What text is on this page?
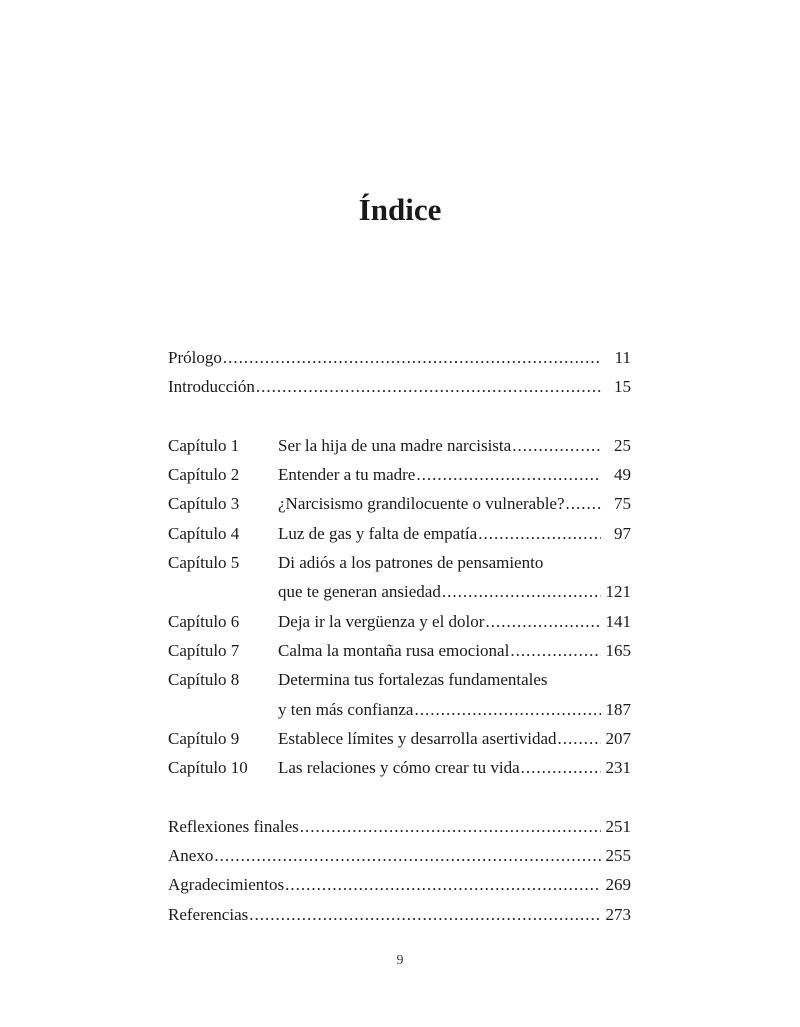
Índice
Prólogo .....	11
Introducción .....	15
Capítulo 1	Ser la hija de una madre narcisista .....	25
Capítulo 2	Entender a tu madre .....	49
Capítulo 3	¿Narcisismo grandilocuente o vulnerable? .....	75
Capítulo 4	Luz de gas y falta de empatía .....	97
Capítulo 5	Di adiós a los patrones de pensamiento
que te generan ansiedad .....	121
Capítulo 6	Deja ir la vergüenza y el dolor .....	141
Capítulo 7	Calma la montaña rusa emocional .....	165
Capítulo 8	Determina tus fortalezas fundamentales
y ten más confianza .....	187
Capítulo 9	Establece límites y desarrolla asertividad .....	207
Capítulo 10	Las relaciones y cómo crear tu vida .....	231
Reflexiones finales .....	251
Anexo .....	255
Agradecimientos .....	269
Referencias .....	273
9
